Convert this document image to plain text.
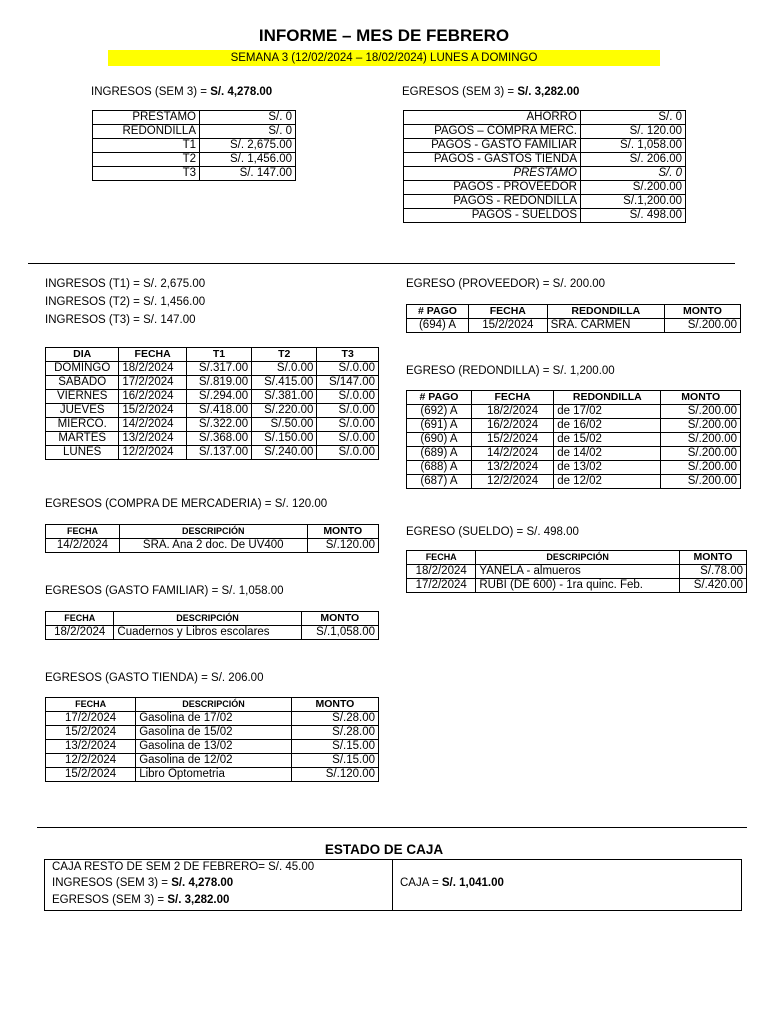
INFORME – MES DE FEBRERO
SEMANA 3 (12/02/2024 – 18/02/2024) LUNES A DOMINGO
INGRESOS (SEM 3) = S/. 4,278.00
PRESTAMO	S/. 0
REDONDILLA	S/. 0
T1	S/. 2,675.00
T2	S/. 1,456.00
T3	S/. 147.00
EGRESOS (SEM 3) = S/. 3,282.00
AHORRO	S/. 0
PAGOS – COMPRA MERC.	S/. 120.00
PAGOS - GASTO FAMILIAR	S/. 1,058.00
PAGOS - GASTOS TIENDA	S/. 206.00
PRESTAMO	S/. 0
PAGOS - PROVEEDOR	S/.200.00
PAGOS - REDONDILLA	S/.1,200.00
PAGOS - SUELDOS	S/. 498.00
INGRESOS (T1) = S/. 2,675.00
INGRESOS (T2) = S/. 1,456.00
INGRESOS (T3) = S/. 147.00
DIA	FECHA	T1	T2	T3
DOMINGO	18/2/2024	S/.317.00	S/.0.00	S/.0.00
SABADO	17/2/2024	S/.819.00	S/.415.00	S/147.00
VIERNES	16/2/2024	S/.294.00	S/.381.00	S/.0.00
JUEVES	15/2/2024	S/.418.00	S/.220.00	S/.0.00
MIERCO.	14/2/2024	S/.322.00	S/.50.00	S/.0.00
MARTES	13/2/2024	S/.368.00	S/.150.00	S/.0.00
LUNES	12/2/2024	S/.137.00	S/.240.00	S/.0.00
EGRESOS (COMPRA DE MERCADERIA) = S/. 120.00
FECHA	DESCRIPCIÓN	MONTO
14/2/2024	SRA. Ana 2 doc. De UV400	S/.120.00
EGRESOS (GASTO FAMILIAR) = S/. 1,058.00
FECHA	DESCRIPCIÓN	MONTO
18/2/2024	Cuadernos y Libros escolares	S/.1,058.00
EGRESOS (GASTO TIENDA) = S/. 206.00
FECHA	DESCRIPCIÓN	MONTO
17/2/2024	Gasolina de 17/02	S/.28.00
15/2/2024	Gasolina de 15/02	S/.28.00
13/2/2024	Gasolina de 13/02	S/.15.00
12/2/2024	Gasolina de 12/02	S/.15.00
15/2/2024	Libro Optometria	S/.120.00
EGRESO (PROVEEDOR) = S/. 200.00
# PAGO	FECHA	REDONDILLA	MONTO
(694) A	15/2/2024	SRA. CARMEN	S/.200.00
EGRESO (REDONDILLA) = S/. 1,200.00
# PAGO	FECHA	REDONDILLA	MONTO
(692) A	18/2/2024	de 17/02	S/.200.00
(691) A	16/2/2024	de 16/02	S/.200.00
(690) A	15/2/2024	de 15/02	S/.200.00
(689) A	14/2/2024	de 14/02	S/.200.00
(688) A	13/2/2024	de 13/02	S/.200.00
(687) A	12/2/2024	de 12/02	S/.200.00
EGRESO (SUELDO) = S/. 498.00
FECHA	DESCRIPCIÓN	MONTO
18/2/2024	YANELA - almueros	S/.78.00
17/2/2024	RUBI (DE 600) - 1ra quinc. Feb.	S/.420.00
ESTADO DE CAJA
CAJA RESTO DE SEM 2 DE FEBRERO= S/. 45.00
INGRESOS (SEM 3) = S/. 4,278.00
EGRESOS (SEM 3) = S/. 3,282.00
CAJA = S/. 1,041.00
